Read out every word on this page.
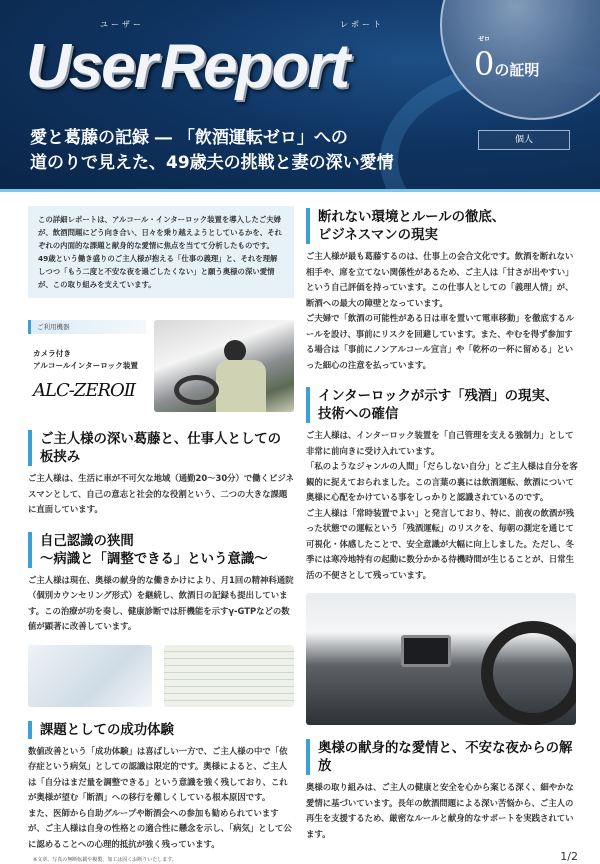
ユーザー	レポート
User Report	ゼロ
0の証明
愛と葛藤の記録 ― 「飲酒運転ゼロ」への
道のりで見えた、49歳夫の挑戦と妻の深い愛情
個人
この詳細レポートは、アルコール・インターロック装置を導入したご夫婦が、飲酒問題にどう向き合い、日々を乗り越えようとしているかを、それぞれの内面的な課題と献身的な愛情に焦点を当てて分析したものです。49歳という働き盛りのご主人様が抱える「仕事の義理」と、それを理解しつつ「もう二度と不安な夜を過ごしたくない」と願う奥様の深い愛情が、この取り組みを支えています。
ご利用機器
カメラ付き
アルコールインターロック装置
ALC-ZEROⅡ
ご主人様の深い葛藤と、仕事人としての板挟み
ご主人様は、生活に車が不可欠な地域（通勤20〜30分）で働くビジネスマンとして、自己の意志と社会的な役割という、二つの大きな課題に直面しています。
自己認識の狭間
〜病識と「調整できる」という意識〜
ご主人様は現在、奥様の献身的な働きかけにより、月1回の精神科通院（個別カウンセリング形式）を継続し、飲酒日の記録も提出しています。この治療が功を奏し、健康診断では肝機能を示すγ-GTPなどの数値が顕著に改善しています。
課題としての成功体験
数値改善という「成功体験」は喜ばしい一方で、ご主人様の中で「依存症という病気」としての認識は限定的です。奥様によると、ご主人は「自分はまだ量を調整できる」という意識を強く残しており、これが奥様が望む「断酒」への移行を難しくしている根本原因です。
また、医師から自助グループや断酒会への参加も勧められていますが、ご主人様は自身の性格との適合性に懸念を示し、「病気」として公に認めることへの心理的抵抗が強く残っています。
※文章、写真の無断転載や複製、加工は固くお断りいたします。
断れない環境とルールの徹底、
ビジネスマンの現実
ご主人様が最も葛藤するのは、仕事上の会合文化です。飲酒を断れない相手や、席を立てない関係性があるため、ご主人は「甘さが出やすい」という自己評価を持っています。この仕事人としての「義理人情」が、断酒への最大の障壁となっています。
ご夫婦で「飲酒の可能性がある日は車を置いて電車移動」を徹底するルールを設け、事前にリスクを回避しています。また、やむを得ず参加する場合は「事前にノンアルコール宣言」や「乾杯の一杯に留める」といった細心の注意を払っています。
インターロックが示す「残酒」の現実、
技術への確信
ご主人様は、インターロック装置を「自己管理を支える強制力」として非常に前向きに受け入れています。
「私のようなジャンルの人間」「だらしない自分」とご主人様は自分を客観的に捉えておられました。この言葉の裏には飲酒運転、飲酒について奥様に心配をかけている事をしっかりと認識されているのです。
ご主人様は「常時装置でよい」と発言しており、特に、前夜の飲酒が残った状態での運転という「残酒運転」のリスクを、毎朝の測定を通じて可視化・体感したことで、安全意識が大幅に向上しました。ただし、冬季には寒冷地特有の起動に数分かかる待機時間が生じることが、日常生活の不便さとして残っています。
奥様の献身的な愛情と、不安な夜からの解放
奥様の取り組みは、ご主人の健康と安全を心から案じる深く、細やかな愛情に基づいています。長年の飲酒問題による深い苦悩から、ご主人の再生を支援するため、厳密なルールと献身的なサポートを実践されています。
1/2
